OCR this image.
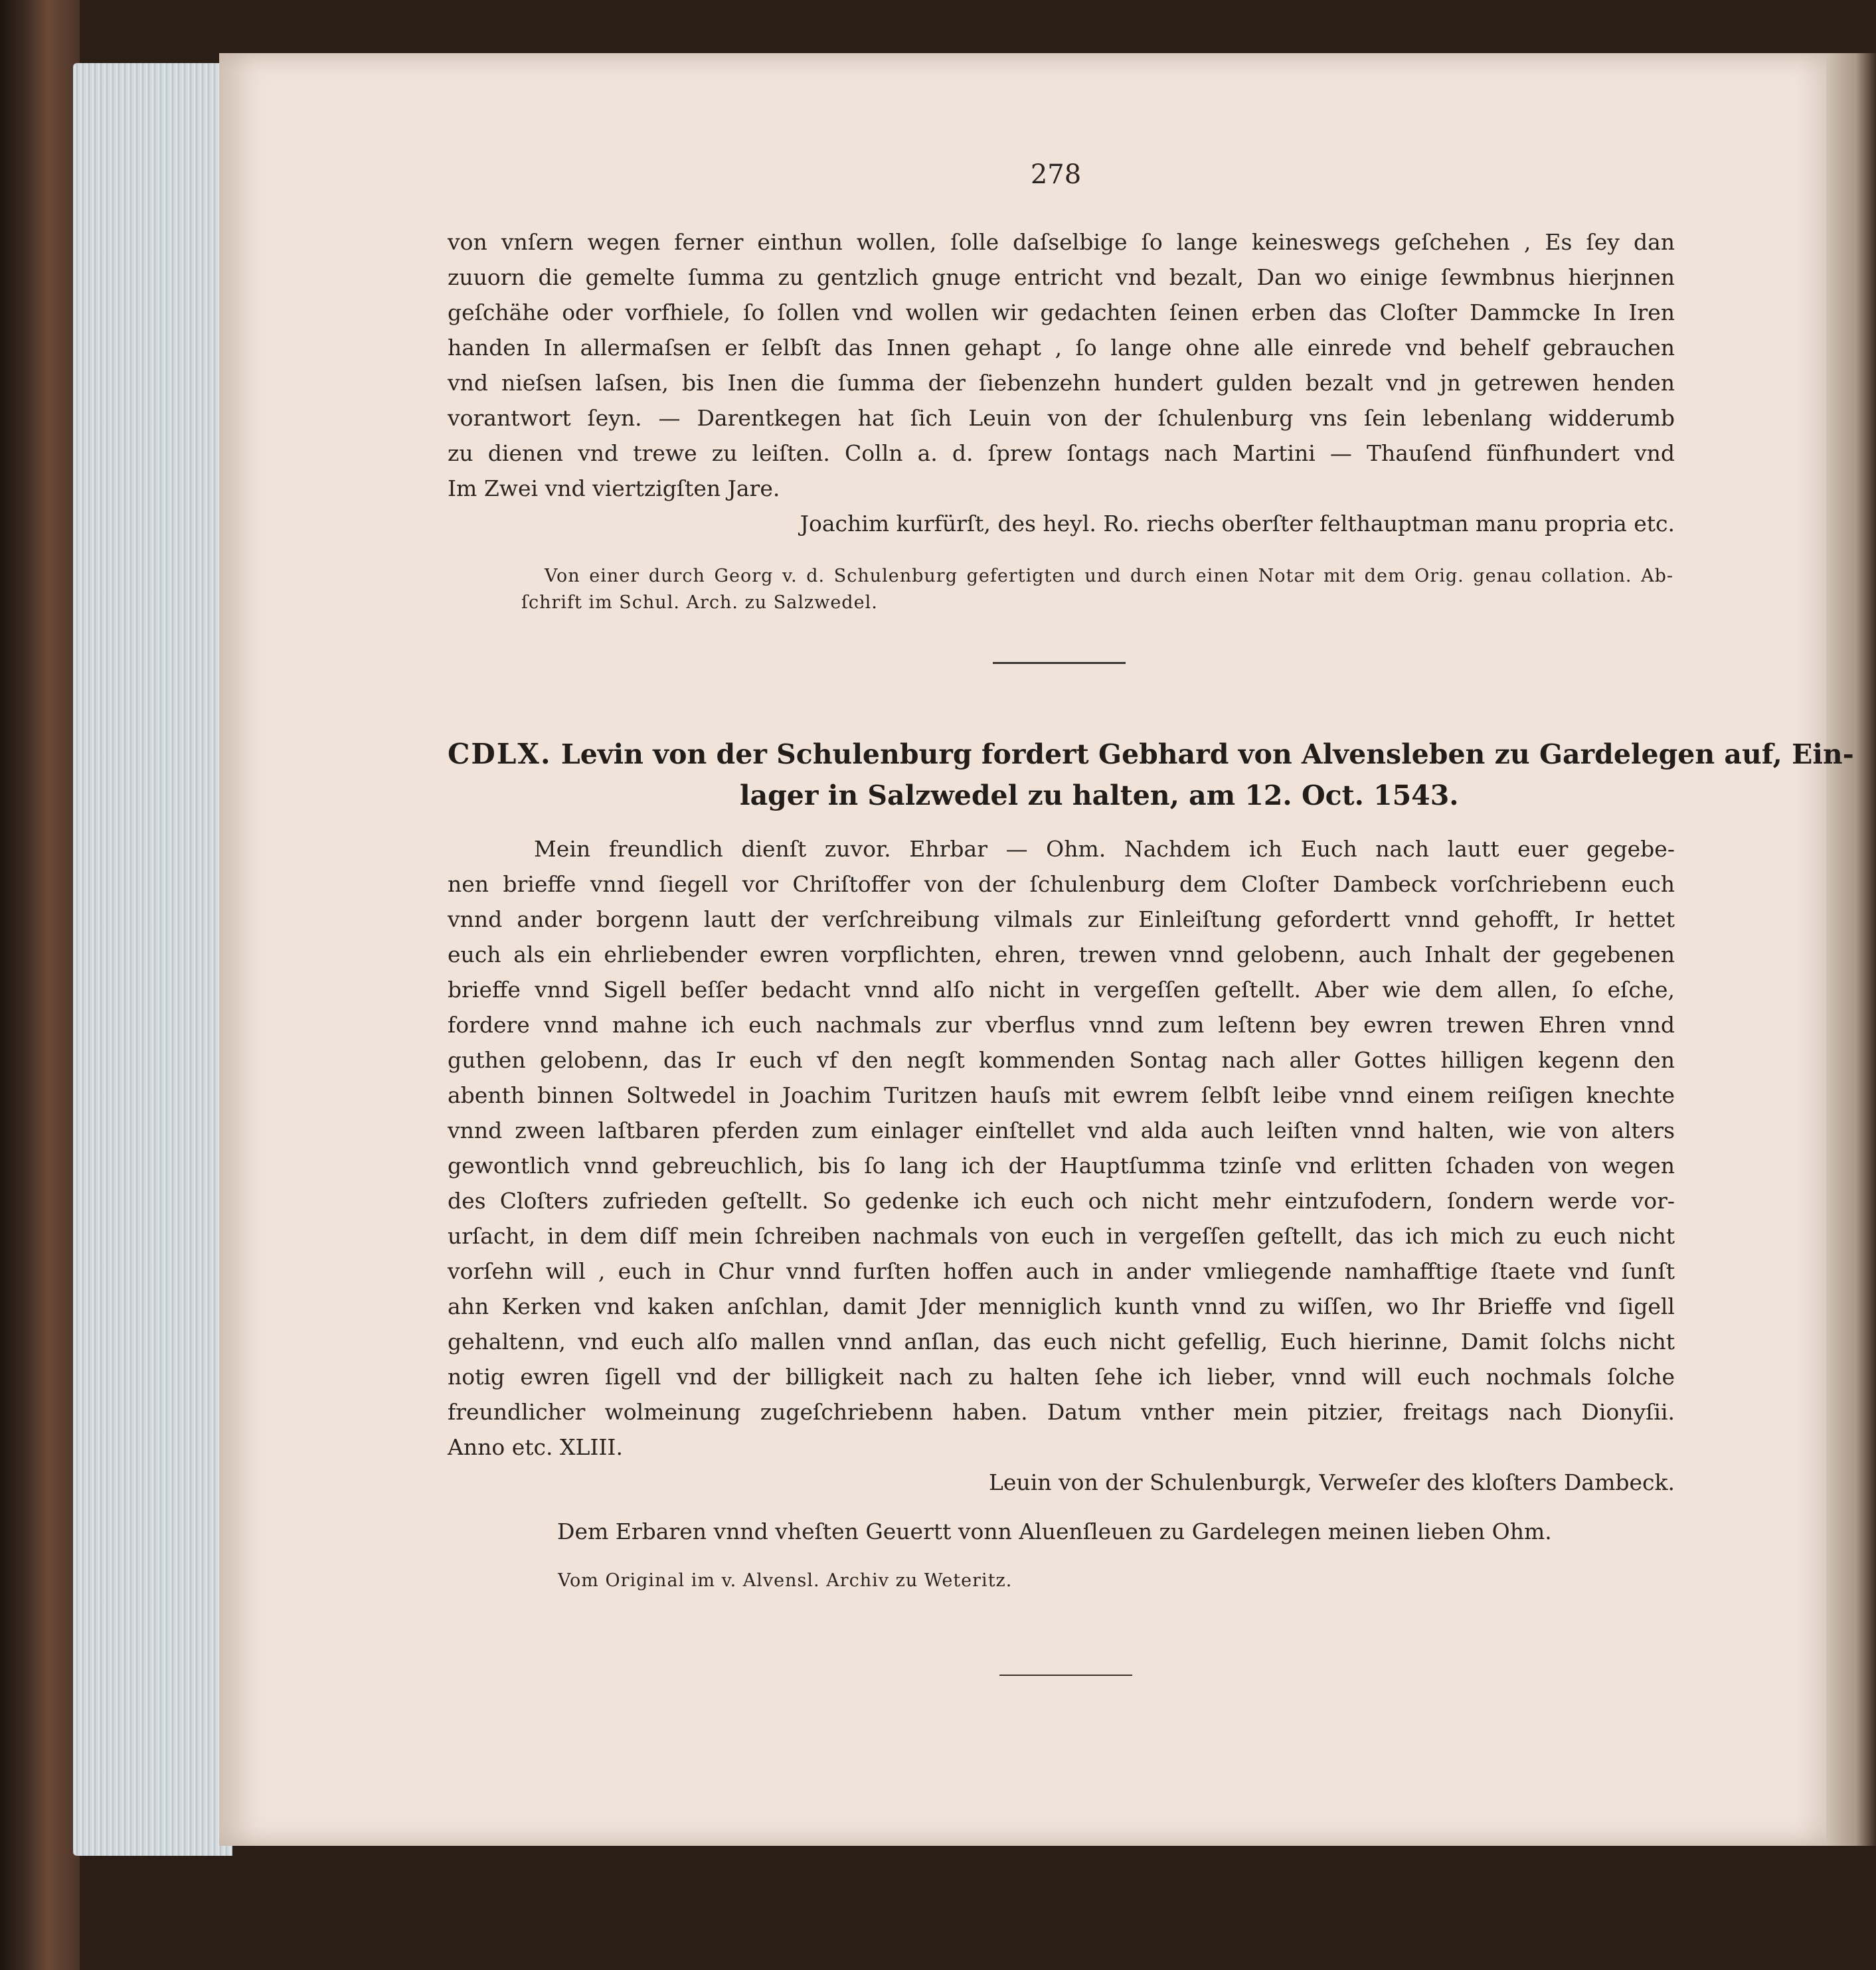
278
von vnſern wegen ferner einthun wollen, ſolle daſselbige ſo lange keineswegs geſchehen , Es ſey dan
zuuorn die gemelte ſumma zu gentzlich gnuge entricht vnd bezalt, Dan wo einige ſewmbnus hierjnnen
geſchähe oder vorfhiele, ſo ſollen vnd wollen wir gedachten ſeinen erben das Cloſter Dammcke In Iren
handen In allermaſsen er ſelbſt das Innen gehapt , ſo lange ohne alle einrede vnd behelf gebrauchen
vnd nieſsen laſsen, bis Inen die ſumma der ſiebenzehn hundert gulden bezalt vnd jn getrewen henden
vorantwort ſeyn. — Darentkegen hat ſich Leuin von der ſchulenburg vns ſein lebenlang widderumb
zu dienen vnd trewe zu leiſten. Colln a. d. ſprew ſontags nach Martini — Thauſend fünfhundert vnd
Im Zwei vnd viertzigſten Jare.
Joachim kurfürſt, des heyl. Ro. riechs oberſter felthauptman manu propria etc.
Von einer durch Georg v. d. Schulenburg gefertigten und durch einen Notar mit dem Orig. genau collation. Ab-
ſchrift im Schul. Arch. zu Salzwedel.
CDLX. Levin von der Schulenburg fordert Gebhard von Alvensleben zu Gardelegen auf, Ein-
lager in Salzwedel zu halten, am 12. Oct. 1543.
Mein freundlich dienſt zuvor. Ehrbar — Ohm. Nachdem ich Euch nach lautt euer gegebe-
nen brieffe vnnd ſiegell vor Chriſtoffer von der ſchulenburg dem Cloſter Dambeck vorſchriebenn euch
vnnd ander borgenn lautt der verſchreibung vilmals zur Einleiſtung gefordertt vnnd gehofft, Ir hettet
euch als ein ehrliebender ewren vorpflichten, ehren, trewen vnnd gelobenn, auch Inhalt der gegebenen
brieffe vnnd Sigell beſſer bedacht vnnd alſo nicht in vergeſſen geſtellt. Aber wie dem allen, ſo eſche,
fordere vnnd mahne ich euch nachmals zur vberflus vnnd zum leſtenn bey ewren trewen Ehren vnnd
guthen gelobenn, das Ir euch vf den negſt kommenden Sontag nach aller Gottes hilligen kegenn den
abenth binnen Soltwedel in Joachim Turitzen hauſs mit ewrem ſelbſt leibe vnnd einem reiſigen knechte
vnnd zween laſtbaren pferden zum einlager einſtellet vnd alda auch leiſten vnnd halten, wie von alters
gewontlich vnnd gebreuchlich, bis ſo lang ich der Hauptſumma tzinſe vnd erlitten ſchaden von wegen
des Cloſters zufrieden geſtellt. So gedenke ich euch och nicht mehr eintzufodern, ſondern werde vor-
urſacht, in dem diſf mein ſchreiben nachmals von euch in vergeſſen geſtellt, das ich mich zu euch nicht
vorſehn will , euch in Chur vnnd furſten hoffen auch in ander vmliegende namhafftige ſtaete vnd ſunſt
ahn Kerken vnd kaken anſchlan, damit Jder menniglich kunth vnnd zu wiſſen, wo Ihr Brieffe vnd ſigell
gehaltenn, vnd euch alſo mallen vnnd anſlan, das euch nicht gefellig, Euch hierinne, Damit ſolchs nicht
notig ewren ſigell vnd der billigkeit nach zu halten ſehe ich lieber, vnnd will euch nochmals ſolche
freundlicher wolmeinung zugeſchriebenn haben. Datum vnther mein pitzier, freitags nach Dionyſii.
Anno etc. XLIII.
Leuin von der Schulenburgk, Verweſer des kloſters Dambeck.
Dem Erbaren vnnd vheſten Geuertt vonn Aluenſleuen zu Gardelegen meinen lieben Ohm.
Vom Original im v. Alvensl. Archiv zu Weteritz.
